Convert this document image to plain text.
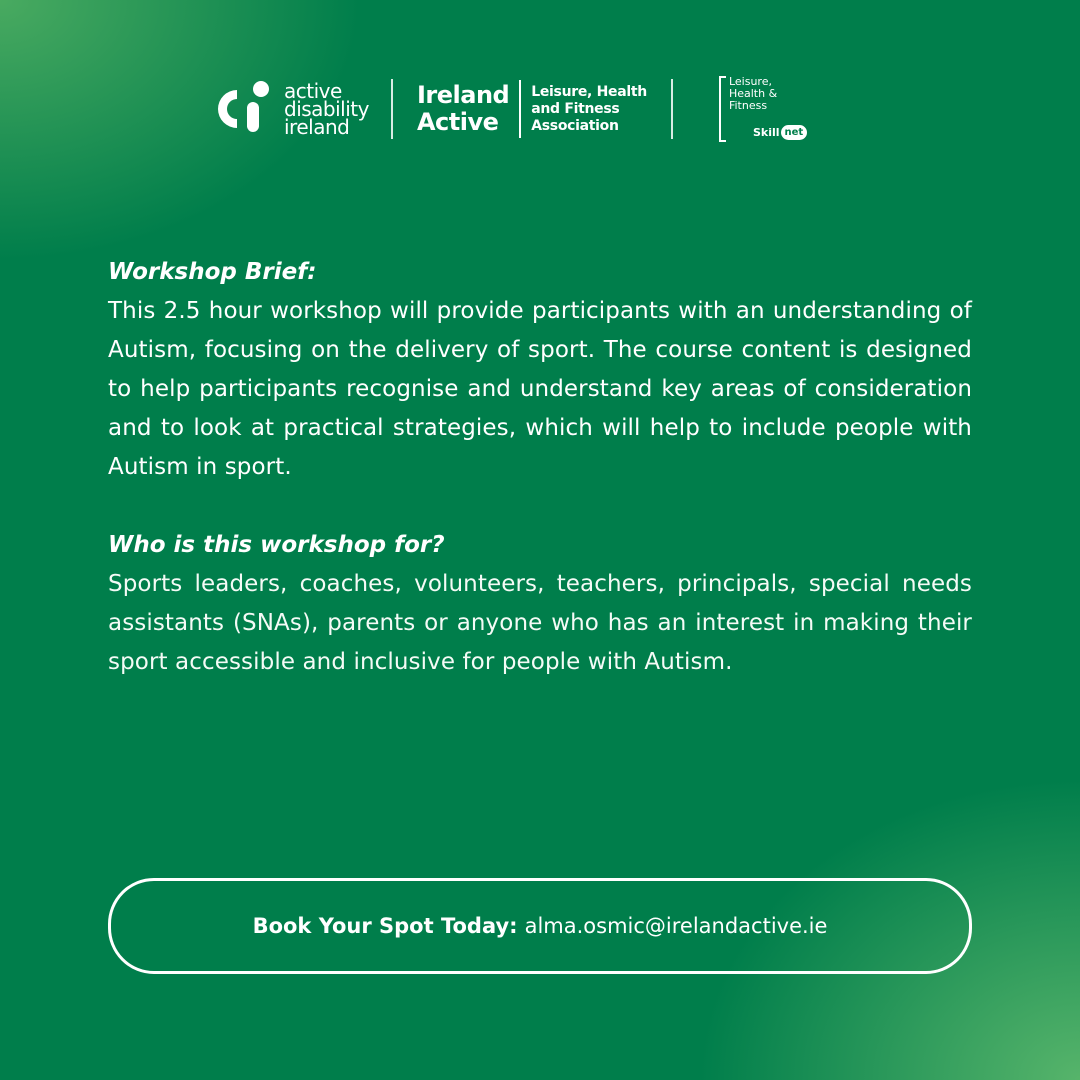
active
disability
ireland
Ireland
Active
Leisure, Health
and Fitness
Association
Leisure,
Health &
Fitness
Skill net

Workshop Brief:

This 2.5 hour workshop will provide participants with an understanding of Autism, focusing on the delivery of sport. The course content is designed to help participants recognise and understand key areas of consideration and to look at practical strategies, which will help to include people with Autism in sport.

Who is this workshop for?

Sports leaders, coaches, volunteers, teachers, principals, special needs assistants (SNAs), parents or anyone who has an interest in making their sport accessible and inclusive for people with Autism.

Book Your Spot Today: alma.osmic@irelandactive.ie
